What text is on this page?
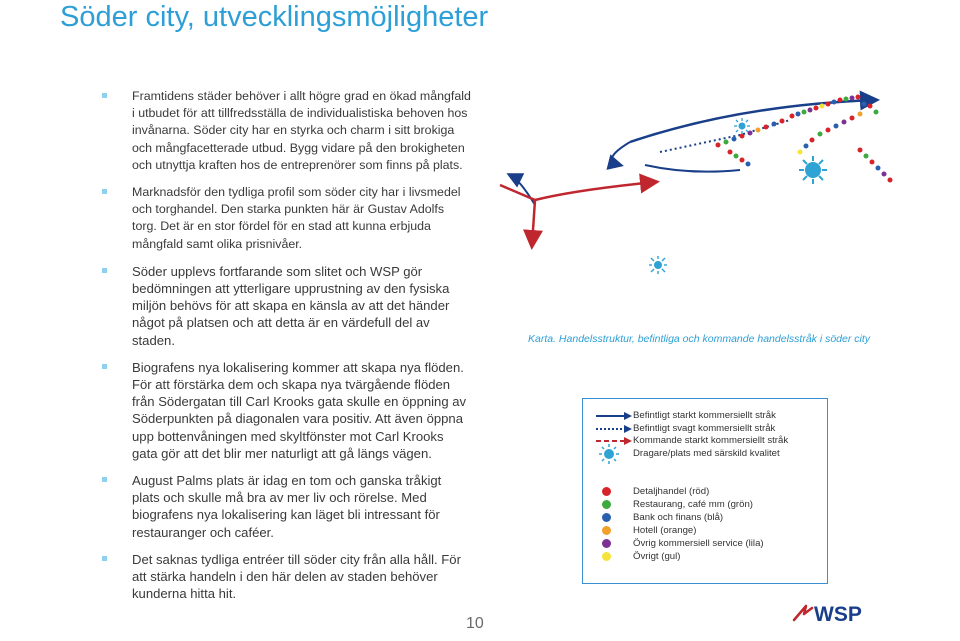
Söder city, utvecklingsmöjligheter
Framtidens städer behöver i allt högre grad en ökad mångfald i utbudet för att tillfredsställa de individualistiska behoven hos invånarna. Söder city har en styrka och charm i sitt brokiga och mångfacetterade utbud. Bygg vidare på den brokigheten och utnyttja kraften hos de entreprenörer som finns på plats.
Marknadsför den tydliga profil som söder city har i livsmedel och torghandel. Den starka punkten här är Gustav Adolfs torg. Det är en stor fördel för en stad att kunna erbjuda mångfald samt olika prisnivåer.
Söder upplevs fortfarande som slitet och WSP gör bedömningen att ytterligare upprustning av den fysiska miljön behövs för att skapa en känsla av att det händer något på platsen och att detta är en värdefull del av staden.
Biografens nya lokalisering kommer att skapa nya flöden. För att förstärka dem och skapa nya tvärgående flöden från Södergatan till Carl Krooks gata skulle en öppning av Söderpunkten på diagonalen vara positiv. Att även öppna upp bottenvåningen med skyltfönster mot Carl Krooks gata gör att det blir mer naturligt att gå längs vägen.
August Palms plats är idag en tom och ganska tråkigt plats och skulle må bra av mer liv och rörelse. Med biografens nya lokalisering kan läget bli intressant för restauranger och caféer.
Det saknas tydliga entréer till söder city från alla håll. För att stärka handeln i den här delen av staden behöver kunderna hitta hit.
Karta. Handelsstruktur, befintliga och kommande handelsstråk i söder city
Befintligt starkt kommersiellt stråk
Befintligt svagt kommersiellt stråk
Kommande starkt kommersiellt stråk
Dragare/plats med särskild kvalitet
Detaljhandel (röd)
Restaurang, café mm (grön)
Bank och finans (blå)
Hotell (orange)
Övrig kommersiell service (lila)
Övrigt (gul)
10	WSP
